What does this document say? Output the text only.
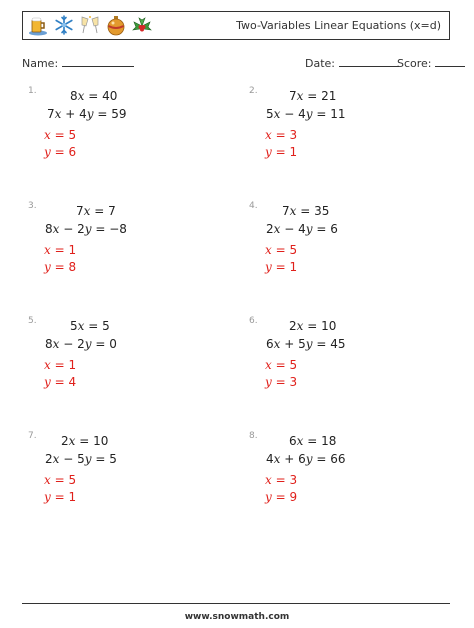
Two-Variables Linear Equations (x=d)
Name:	Date:	Score:
1.	8x = 40
7x + 4y = 59
x = 5
y = 6
2.	7x = 21
5x − 4y = 11
x = 3
y = 1
3.	7x = 7
8x − 2y = −8
x = 1
y = 8
4. 7x = 35
2x − 4y = 6
x = 5
y = 1
5.	5x = 5
8x − 2y = 0
x = 1
y = 4
6.	2x = 10
6x + 5y = 45
x = 5
y = 3
7. 2x = 10
2x − 5y = 5
x = 5
y = 1
8.	6x = 18
4x + 6y = 66
x = 3
y = 9
www.snowmath.com
